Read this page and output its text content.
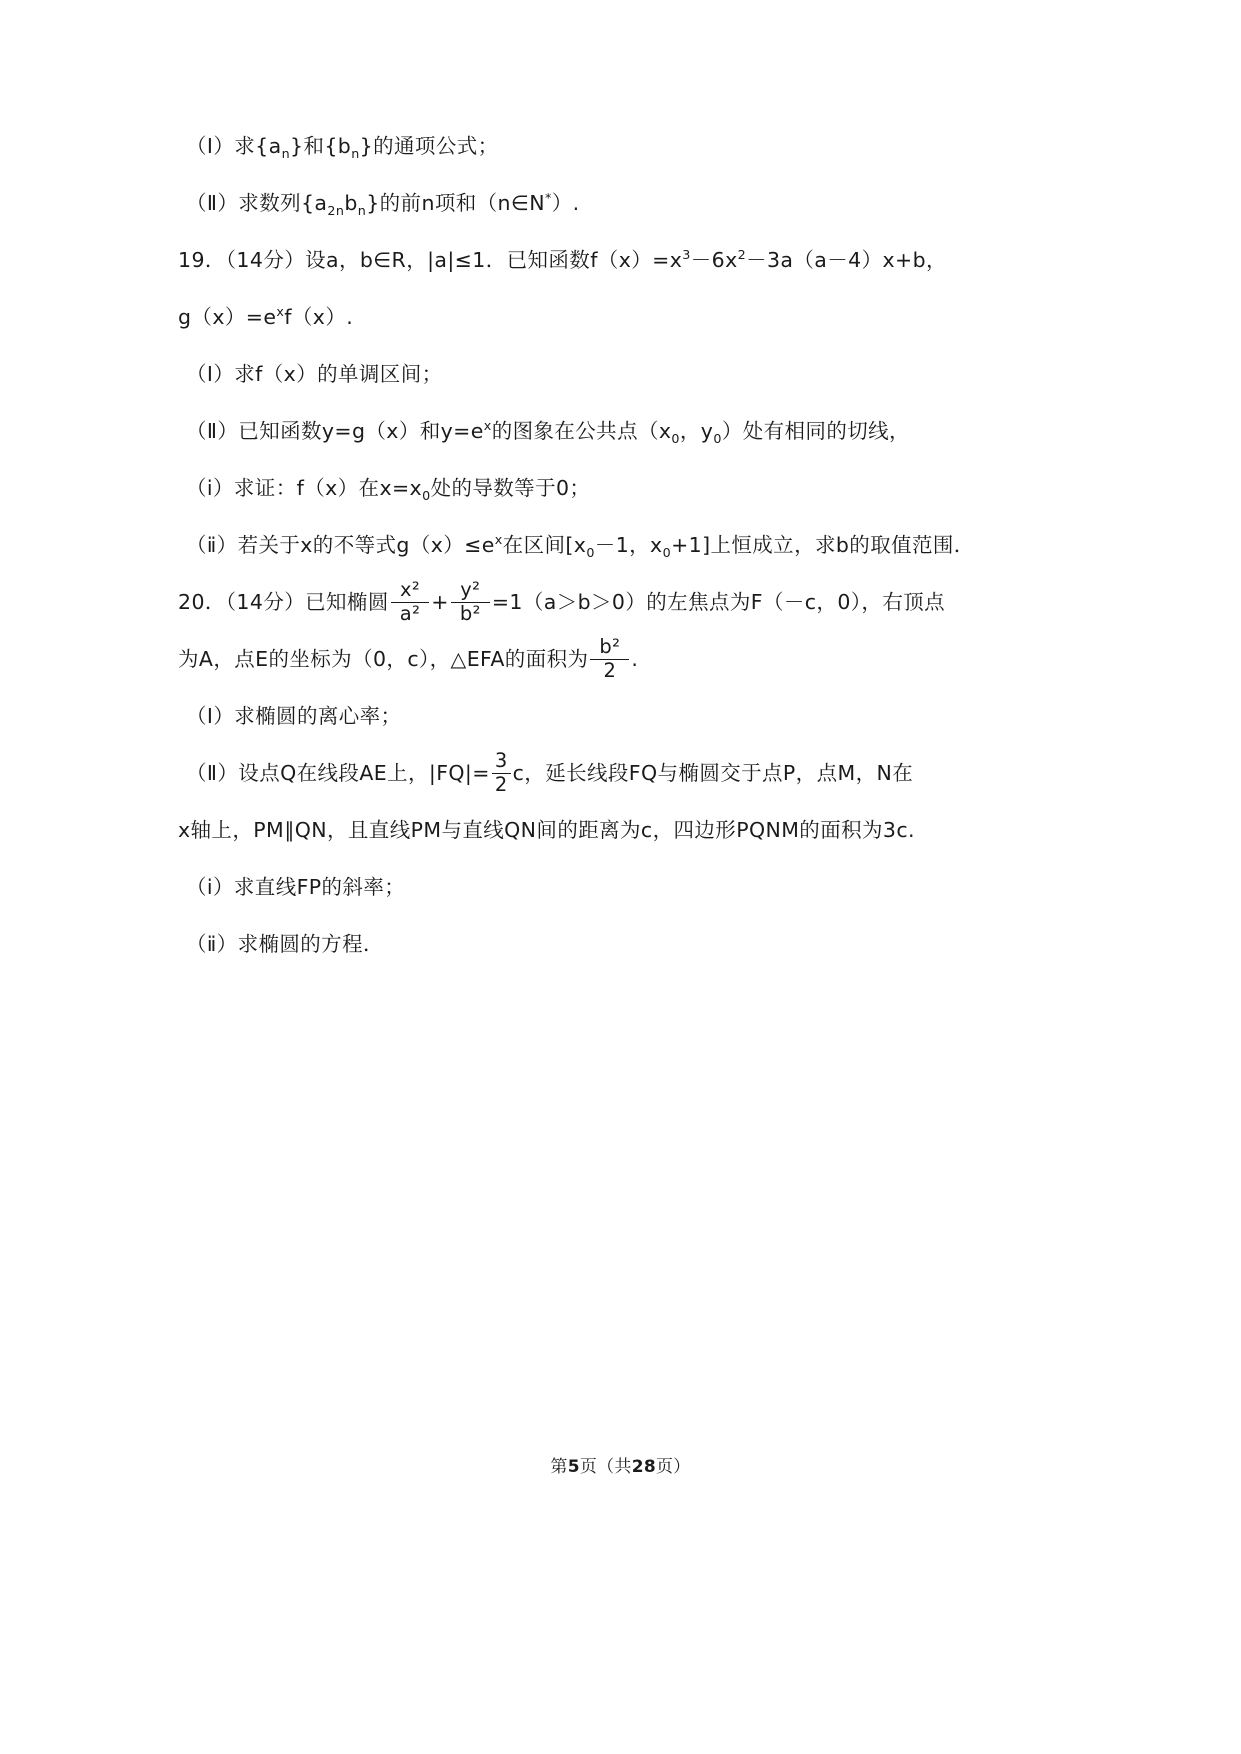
（Ⅰ）求$\{a_n\}$和$\{b_n\}$的通项公式；
（Ⅱ）求数列$\{a_{2n}b_n\}$的前n项和（n∈N*）.
19．（14分）设a，b∈R，|a|≤1．已知函数$f(x)=x^3-6x^2-3a(a-4)x+b$，
$g(x)=e^xf(x)$.
（Ⅰ）求f（x）的单调区间；
（Ⅱ）已知函数y=g（x）和$y=e^x$的图象在公共点（$x_0$，$y_0$）处有相同的切线，
（ⅰ）求证：f（x）在$x=x_0$处的导数等于0；
（ⅱ）若关于x的不等式$g(x)\le e^x$在区间[$x_0-1$，$x_0+1$]上恒成立，求b的取值范围．
20．（14分）已知椭圆 $\frac{\text{x²}}{\text{a²}} + \frac{\text{y²}}{\text{b²}} =1(a>b>0)$的左焦点为F（－c，0），右顶点
为A，点E的坐标为（0，c），△EFA的面积为 $\frac{\text{b²}}{2}$ .
（Ⅰ）求椭圆的离心率；
（Ⅱ）设点Q在线段AE上，$|FQ|= \frac{3}{2}$ c，延长线段FQ与椭圆交于点P，点M，N在
x轴上，PM∥QN，且直线PM与直线QN间的距离为c，四边形PQNM的面积为3c.
（ⅰ）求直线FP的斜率；
（ⅱ）求椭圆的方程．
第5页（共28页）
